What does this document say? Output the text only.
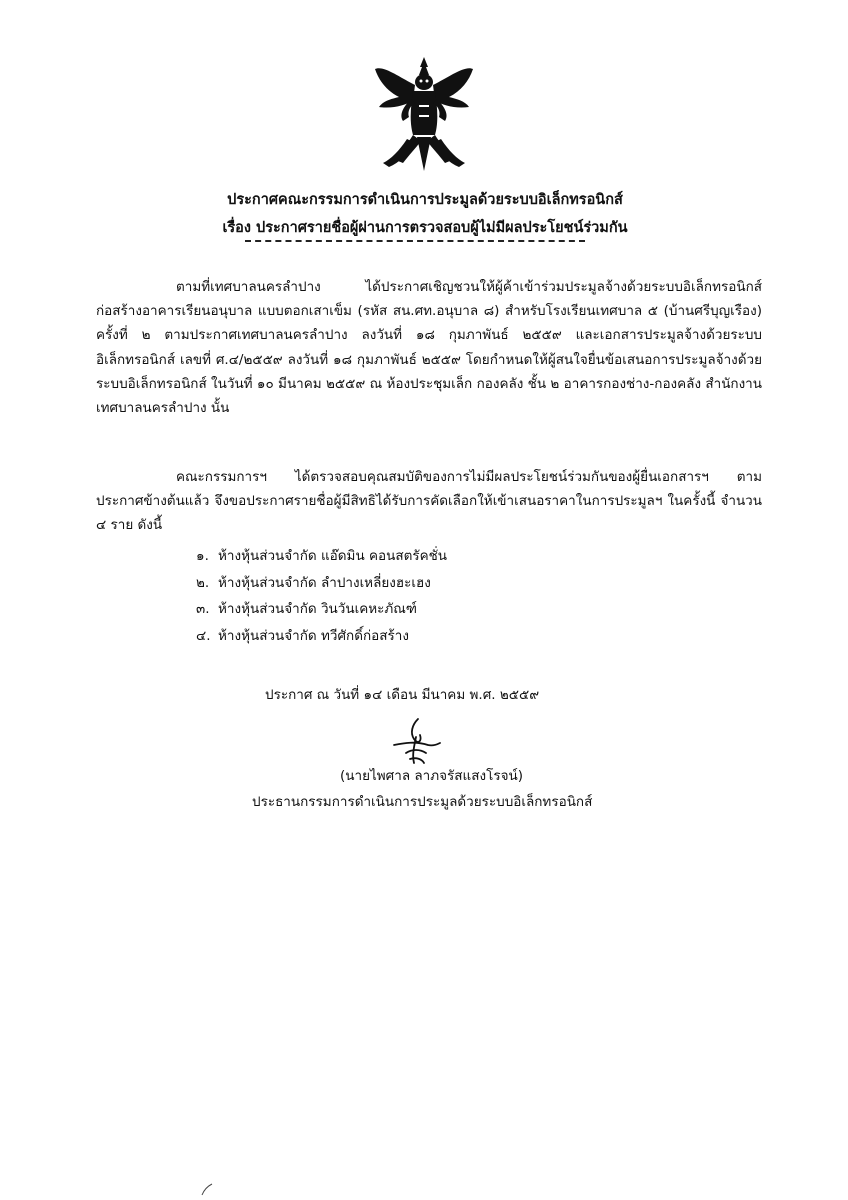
ประกาศคณะกรรมการดำเนินการประมูลด้วยระบบอิเล็กทรอนิกส์
เรื่อง ประกาศรายชื่อผู้ผ่านการตรวจสอบผู้ไม่มีผลประโยชน์ร่วมกัน
ตามที่เทศบาลนครลำปาง ได้ประกาศเชิญชวนให้ผู้ค้าเข้าร่วมประมูลจ้างด้วยระบบอิเล็กทรอนิกส์ ก่อสร้างอาคารเรียนอนุบาล แบบตอกเสาเข็ม (รหัส สน.ศท.อนุบาล ๘) สำหรับโรงเรียนเทศบาล ๕ (บ้านศรีบุญเรือง) ครั้งที่ ๒ ตามประกาศเทศบาลนครลำปาง ลงวันที่ ๑๘ กุมภาพันธ์ ๒๕๕๙ และเอกสารประมูลจ้างด้วยระบบอิเล็กทรอนิกส์ เลขที่ ศ.๔/๒๕๕๙ ลงวันที่ ๑๘ กุมภาพันธ์ ๒๕๕๙ โดยกำหนดให้ผู้สนใจยื่นข้อเสนอการประมูลจ้างด้วยระบบอิเล็กทรอนิกส์ ในวันที่ ๑๐ มีนาคม ๒๕๕๙ ณ ห้องประชุมเล็ก กองคลัง ชั้น ๒ อาคารกองช่าง-กองคลัง สำนักงานเทศบาลนครลำปาง นั้น
คณะกรรมการฯ ได้ตรวจสอบคุณสมบัติของการไม่มีผลประโยชน์ร่วมกันของผู้ยื่นเอกสารฯ ตามประกาศข้างต้นแล้ว จึงขอประกาศรายชื่อผู้มีสิทธิได้รับการคัดเลือกให้เข้าเสนอราคาในการประมูลฯ ในครั้งนี้ จำนวน ๔ ราย ดังนี้
๑. ห้างหุ้นส่วนจำกัด แอ๊ดมิน คอนสตรัคชั่น
๒. ห้างหุ้นส่วนจำกัด ลำปางเหลี่ยงฮะเฮง
๓. ห้างหุ้นส่วนจำกัด วินวันเคหะภัณฑ์
๔. ห้างหุ้นส่วนจำกัด ทวีศักดิ์ก่อสร้าง
ประกาศ ณ วันที่ ๑๔ เดือน มีนาคม พ.ศ. ๒๕๕๙
(นายไพศาล ลาภจรัสแสงโรจน์)
ประธานกรรมการดำเนินการประมูลด้วยระบบอิเล็กทรอนิกส์
